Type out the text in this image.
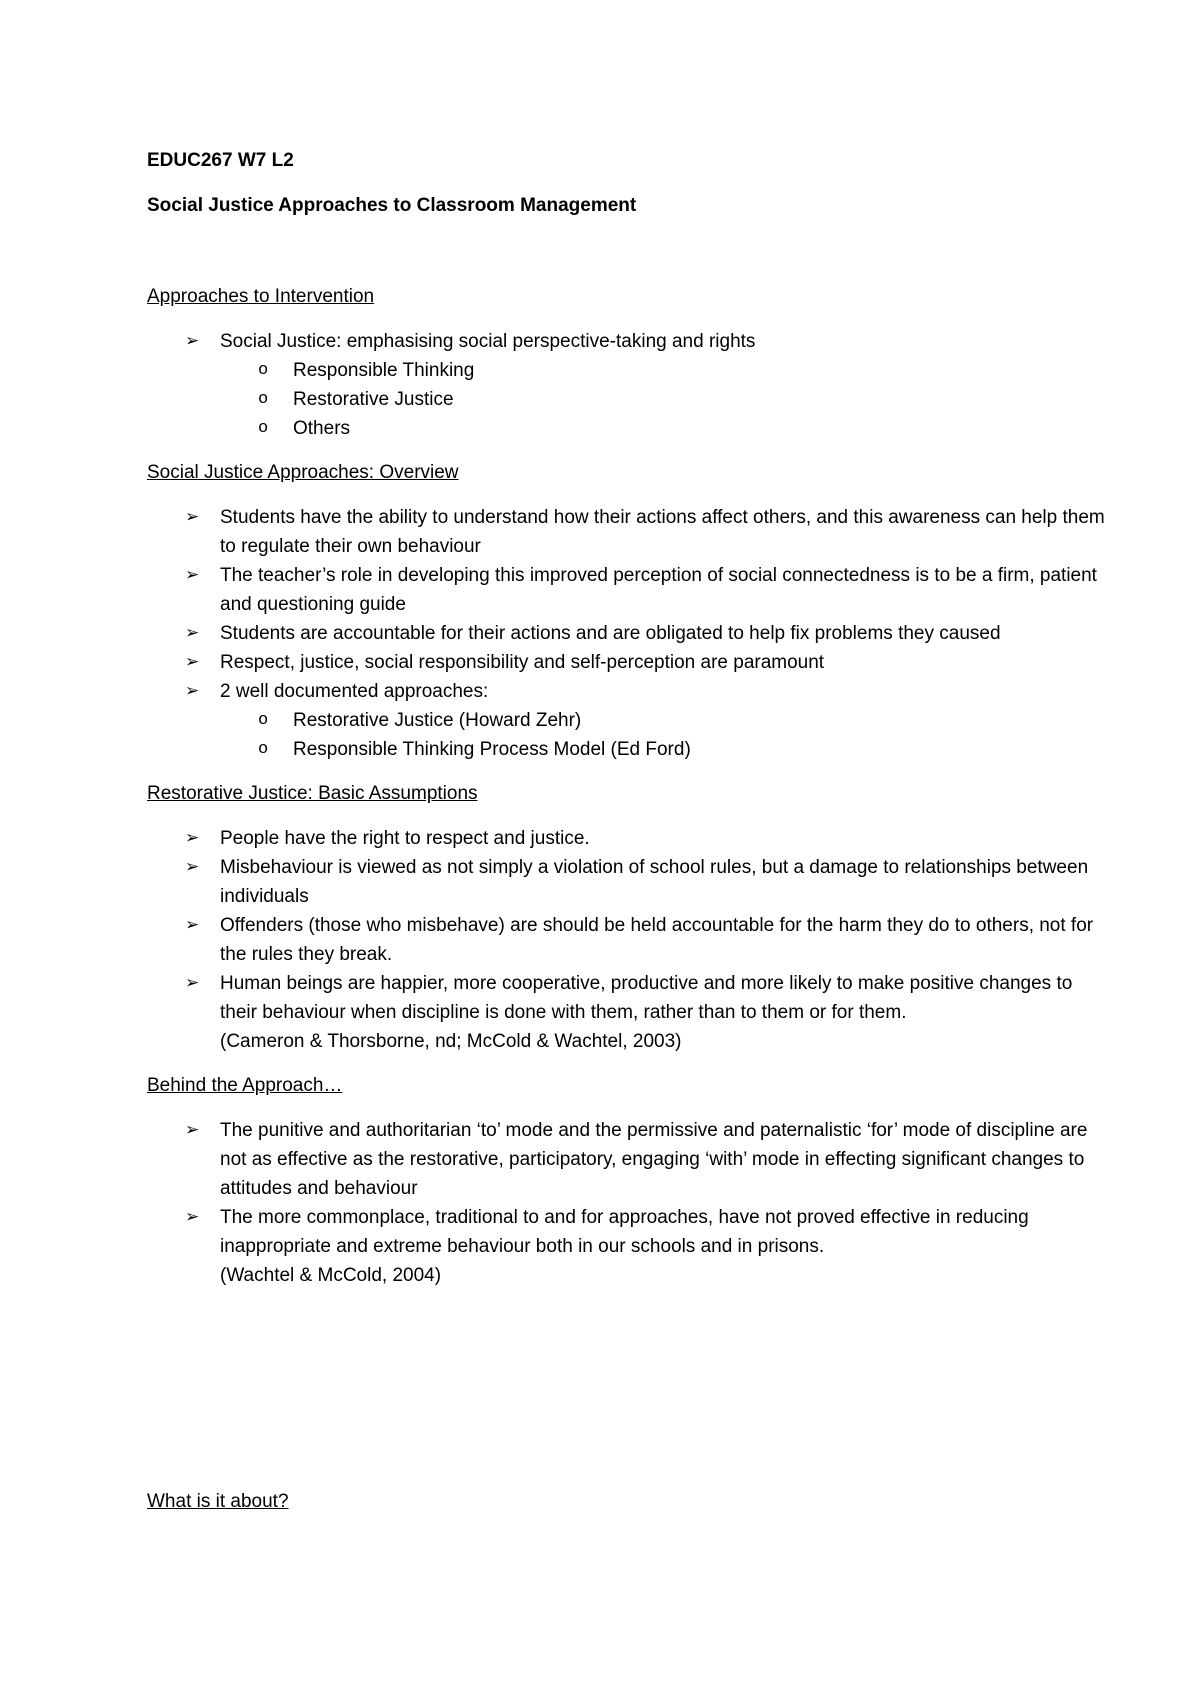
EDUC267 W7 L2

Social Justice Approaches to Classroom Management

Approaches to Intervention

➢ Social Justice: emphasising social perspective-taking and rights
o Responsible Thinking
o Restorative Justice
o Others

Social Justice Approaches: Overview

➢ Students have the ability to understand how their actions affect others, and this awareness can help them to regulate their own behaviour
➢ The teacher’s role in developing this improved perception of social connectedness is to be a firm, patient and questioning guide
➢ Students are accountable for their actions and are obligated to help fix problems they caused
➢ Respect, justice, social responsibility and self-perception are paramount
➢ 2 well documented approaches:
o Restorative Justice (Howard Zehr)
o Responsible Thinking Process Model (Ed Ford)

Restorative Justice: Basic Assumptions

➢ People have the right to respect and justice.
➢ Misbehaviour is viewed as not simply a violation of school rules, but a damage to relationships between individuals
➢ Offenders (those who misbehave) are should be held accountable for the harm they do to others, not for the rules they break.
➢ Human beings are happier, more cooperative, productive and more likely to make positive changes to their behaviour when discipline is done with them, rather than to them or for them.
(Cameron & Thorsborne, nd; McCold & Wachtel, 2003)

Behind the Approach…

➢ The punitive and authoritarian ‘to’ mode and the permissive and paternalistic ‘for’ mode of discipline are not as effective as the restorative, participatory, engaging ‘with’ mode in effecting significant changes to attitudes and behaviour
➢ The more commonplace, traditional to and for approaches, have not proved effective in reducing inappropriate and extreme behaviour both in our schools and in prisons.
(Wachtel & McCold, 2004)

What is it about?
